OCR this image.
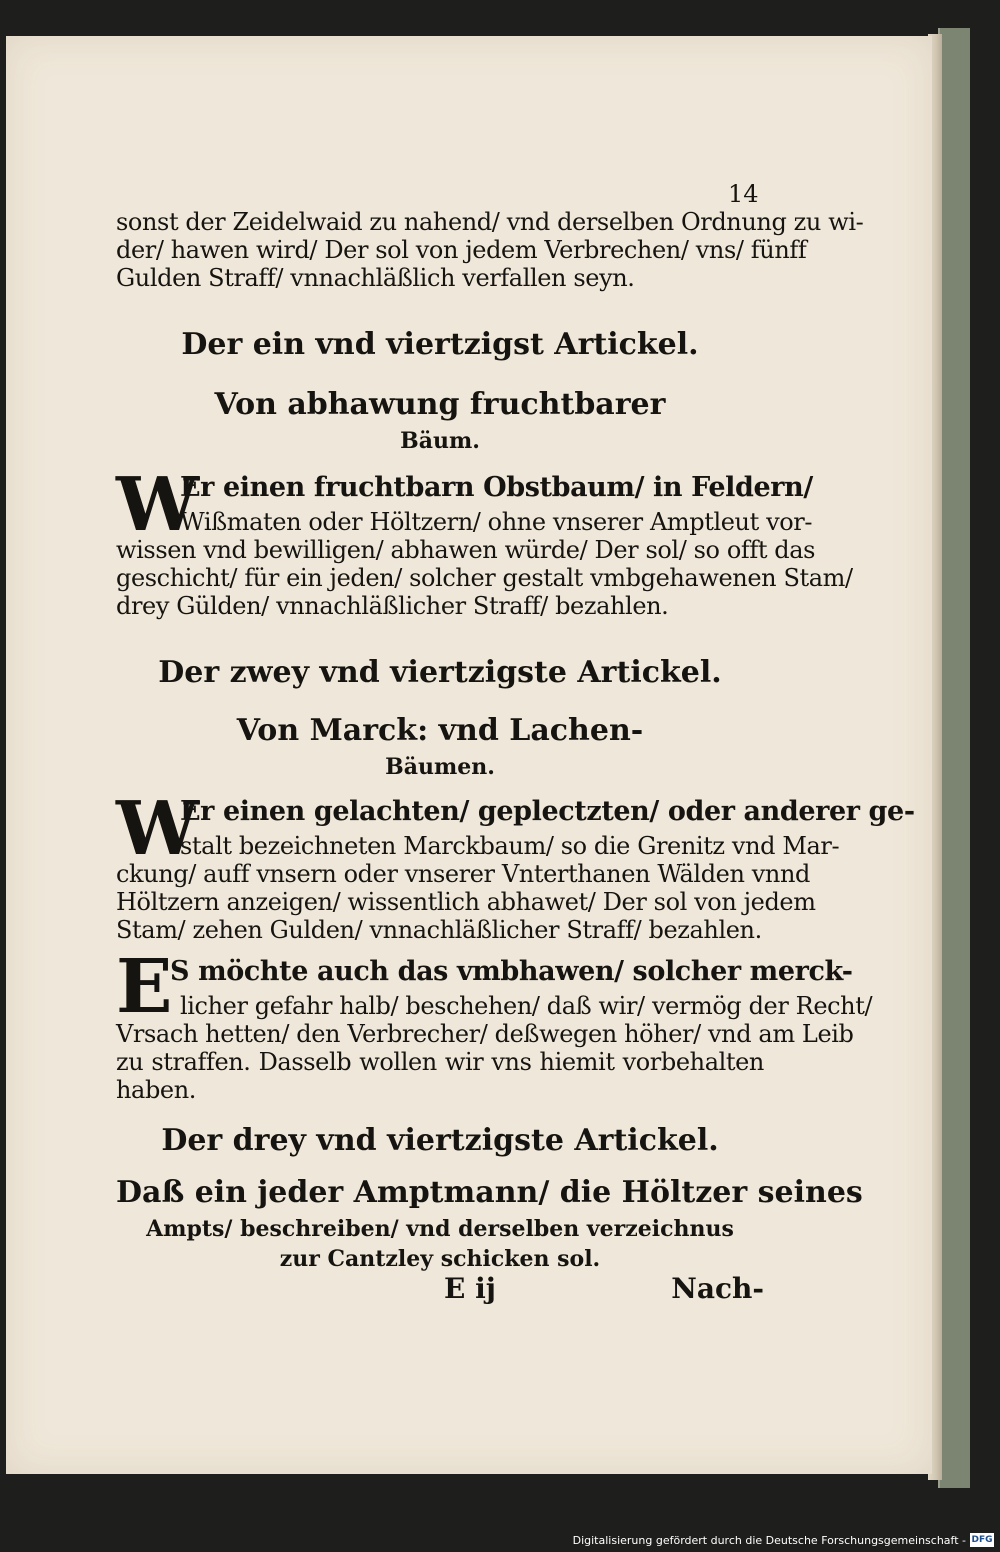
14
sonst der Zeidelwaid zu nahend/ vnd derselben Ordnung zu wi-
der/ hawen wird/ Der sol von jedem Verbrechen/ vns/ fünff
Gulden Straff/ vnnachläßlich verfallen seyn.
Der ein vnd viertzigst Artickel.
Von abhawung fruchtbarer
Bäum.
W
Er einen fruchtbarn Obstbaum/ in Feldern/
Wißmaten oder Höltzern/ ohne vnserer Amptleut vor-
wissen vnd bewilligen/ abhawen würde/ Der sol/ so offt das
geschicht/ für ein jeden/ solcher gestalt vmbgehawenen Stam/
drey Gülden/ vnnachläßlicher Straff/ bezahlen.
Der zwey vnd viertzigste Artickel.
Von Marck: vnd Lachen-
Bäumen.
W
Er einen gelachten/ geplectzten/ oder anderer ge-
stalt bezeichneten Marckbaum/ so die Grenitz vnd Mar-
ckung/ auff vnsern oder vnserer Vnterthanen Wälden vnnd
Höltzern anzeigen/ wissentlich abhawet/ Der sol von jedem
Stam/ zehen Gulden/ vnnachläßlicher Straff/ bezahlen.
E
S möchte auch das vmbhawen/ solcher merck-
licher gefahr halb/ beschehen/ daß wir/ vermög der Recht/
Vrsach hetten/ den Verbrecher/ deßwegen höher/ vnd am Leib
zu straffen. Dasselb wollen wir vns hiemit vorbehalten
haben.
Der drey vnd viertzigste Artickel.
Daß ein jeder Amptmann/ die Höltzer seines
Ampts/ beschreiben/ vnd derselben verzeichnus
zur Cantzley schicken sol.
E ij	Nach-
Digitalisierung gefördert durch die Deutsche Forschungsgemeinschaft - DFG
